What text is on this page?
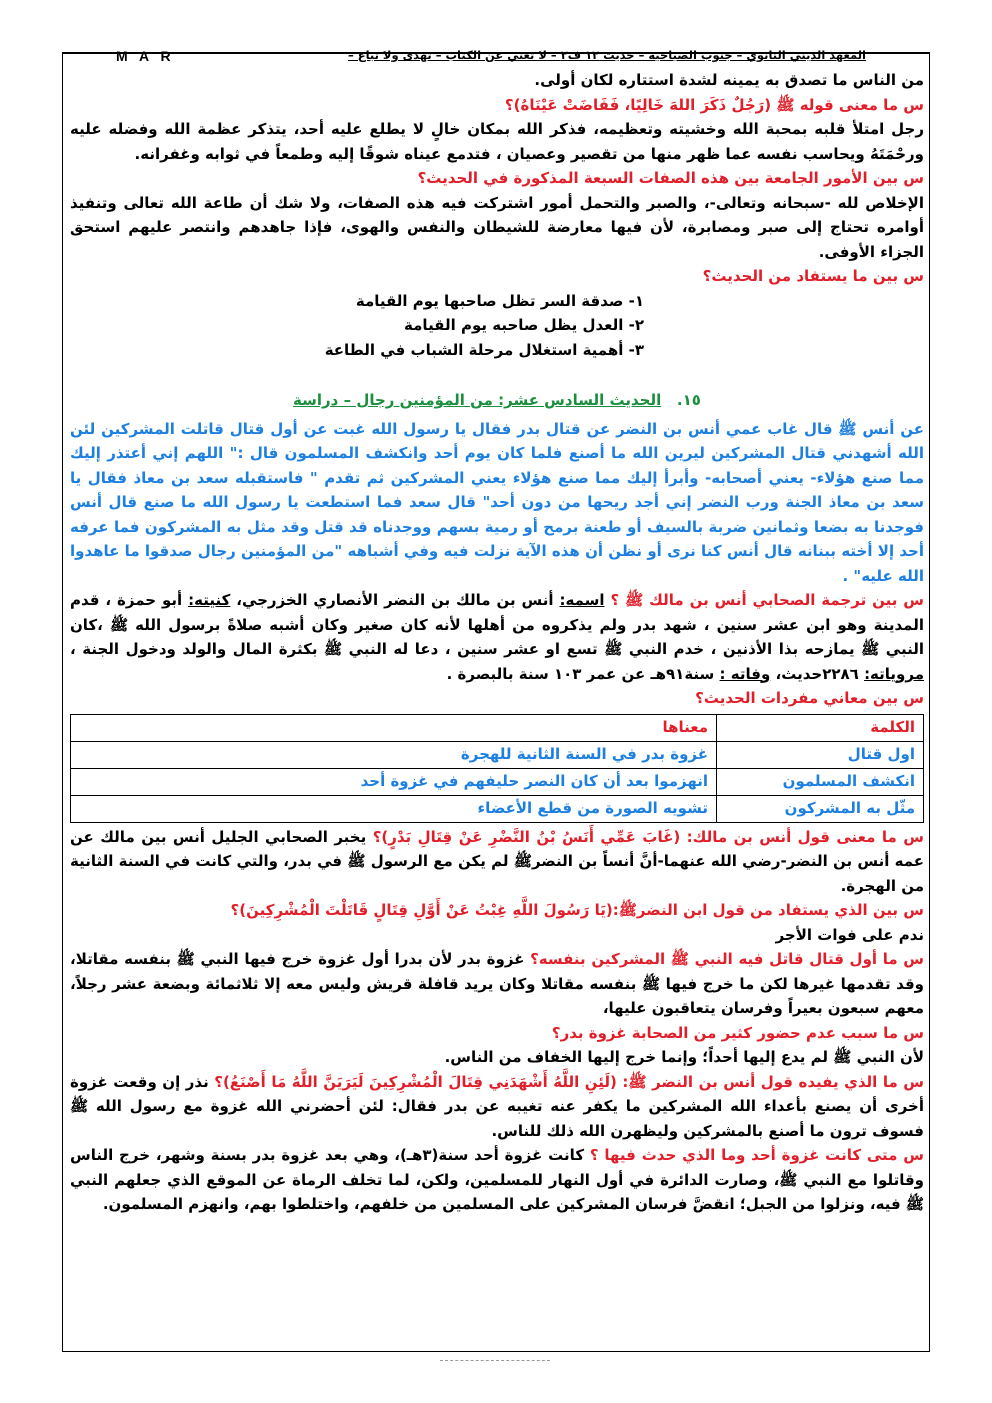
المعهد الديني الثانوي – جنوب الصباحية – حديث ١٢ ف٢ – لا تعني عن الكتاب – تهدى ولا تباع –
M A R

من الناس ما تصدق به يمينه لشدة استتاره لكان أولى.

س ما معنى قوله ﷺ (رَجُلٌ ذَكَرَ اللهَ خَالِيًا، فَفَاضَتْ عَيْنَاهُ)؟

رجل امتلأ قلبه بمحبة الله وخشيته وتعظيمه، فذكر الله بمكان خالٍ لا يطلع عليه أحد، يتذكر عظمة الله وفضله عليه ورحْمَتَهُ ويحاسب نفسه عما ظهر منها من تقصير وعصيان ، فتدمع عيناه شوقًا إليه وطمعاً في ثوابه وغفرانه.

س بين الأمور الجامعة بين هذه الصفات السبعة المذكورة في الحديث؟

الإخلاص لله -سبحانه وتعالى-، والصبر والتحمل أمور اشتركت فيه هذه الصفات، ولا شك أن طاعة الله تعالى وتنفيذ أوامره تحتاج إلى صبر ومصابرة، لأن فيها معارضة للشيطان والنفس والهوى، فإذا جاهدهم وانتصر عليهم استحق الجزاء الأوفى.

س بين ما يستفاد من الحديث؟

١- صدقة السر تظل صاحبها يوم القيامة

٢- العدل يظل صاحبه يوم القيامة

٣- أهمية استغلال مرحلة الشباب في الطاعة

١٥.   الحديث السادس عشر: من المؤمنين رجال – دراسة

عن أنس ﷺ قال غاب عمي أنس بن النضر عن قتال بدر فقال يا رسول الله غبت عن أول قتال قاتلت المشركين لئن الله أشهدني قتال المشركين ليرين الله ما أصنع فلما كان يوم أحد وانكشف المسلمون قال :" اللهم إني أعتذر إليك مما صنع هؤلاء- يعني أصحابه- وأبرأ إليك مما صنع هؤلاء يعني المشركين ثم تقدم " فاستقبله سعد بن معاذ فقال يا سعد بن معاذ الجنة ورب النضر إني أجد ريحها من دون أحد" قال سعد فما استطعت يا رسول الله ما صنع قال أنس فوجدنا به بضعا وثمانين ضربة بالسيف أو طعنة برمح أو رمية بسهم ووجدناه قد قتل وقد مثل به المشركون فما عرفه أحد إلا أخته ببنانه قال أنس كنا نرى أو نظن أن هذه الآية نزلت فيه وفي أشباهه "من المؤمنين رجال صدقوا ما عاهدوا الله عليه" .

س بين ترجمة الصحابي أنس بن مالك ﷺ ؟ اسمه: أنس بن مالك بن النضر الأنصاري الخزرجي، كنيته: أبو حمزة ، قدم المدينة وهو ابن عشر سنين ، شهد بدر ولم يذكروه من أهلها لأنه كان صغير وكان أشبه صلاةً برسول الله ﷺ ،كان النبي ﷺ يمازحه بذا الأذنين ، خدم النبي ﷺ تسع او عشر سنين ، دعا له النبي ﷺ بكثرة المال والولد ودخول الجنة ، مروياته: ٢٢٨٦حديث، وفاته : سنة٩١هـ عن عمر ١٠٣ سنة بالبصرة .

س بين معاني مفردات الحديث؟

الكلمة	معناها
اول قتال	غزوة بدر في السنة الثانية للهجرة
انكشف المسلمون	انهزموا بعد أن كان النصر حليفهم في غزوة أحد
مثّل به المشركون	تشويه الصورة من قطع الأعضاء

س ما معنى قول أنس بن مالك: (غَابَ عَمِّي أَنَسُ بْنُ النَّضْرِ عَنْ قِتَالِ بَدْرٍ)؟ يخبر الصحابي الجليل أنس بين مالك عن عمه أنس بن النضر-رضي الله عنهما-أنَّ أنساً بن النضرﷺ لم يكن مع الرسول ﷺ في بدر، والتي كانت في السنة الثانية من الهجرة.

س بين الذي يستفاد من قول ابن النضرﷺ:(يَا رَسُولَ اللَّهِ غِبْتُ عَنْ أَوَّلِ قِتَالٍ قَاتَلْتَ الْمُشْرِكِينَ)؟

ندم على فوات الأجر

س ما أول قتال قاتل فيه النبي ﷺ المشركين بنفسه؟ غزوة بدر لأن بدرا أول غزوة خرج فيها النبي ﷺ بنفسه مقاتلا، وقد تقدمها غيرها لكن ما خرج فيها ﷺ بنفسه مقاتلا وكان يريد قافلة قريش وليس معه إلا ثلاثمائة وبضعة عشر رجلاً، معهم سبعون بعيراً وفرسان يتعاقبون عليها،

س ما سبب عدم حضور كثير من الصحابة غزوة بدر؟

لأن النبي ﷺ لم يدع إليها أحداً؛ وإنما خرج إليها الخفاف من الناس.

س ما الذي يفيده قول أنس بن النضر ﷺ: (لَئِنِ اللَّهُ أَشْهَدَنِي قِتَالَ الْمُشْرِكِينَ لَيَرَيَنَّ اللَّهُ مَا أَصْنَعُ)؟ نذر إن وقعت غزوة أخرى أن يصنع بأعداء الله المشركين ما يكفر عنه تغيبه عن بدر فقال: لئن أحضرني الله غزوة مع رسول الله ﷺ فسوف ترون ما أصنع بالمشركين وليظهرن الله ذلك للناس.

س متى كانت غزوة أحد وما الذي حدث فيها ؟ كانت غزوة أحد سنة(٣هـ)، وهي بعد غزوة بدر بسنة وشهر، خرج الناس وقاتلوا مع النبي ﷺ، وصارت الدائرة في أول النهار للمسلمين، ولكن، لما تخلف الرماة عن الموقع الذي جعلهم النبي ﷺ فيه، ونزلوا من الجبل؛ انقضَّ فرسان المشركين على المسلمين من خلفهم، واختلطوا بهم، وانهزم المسلمون.
